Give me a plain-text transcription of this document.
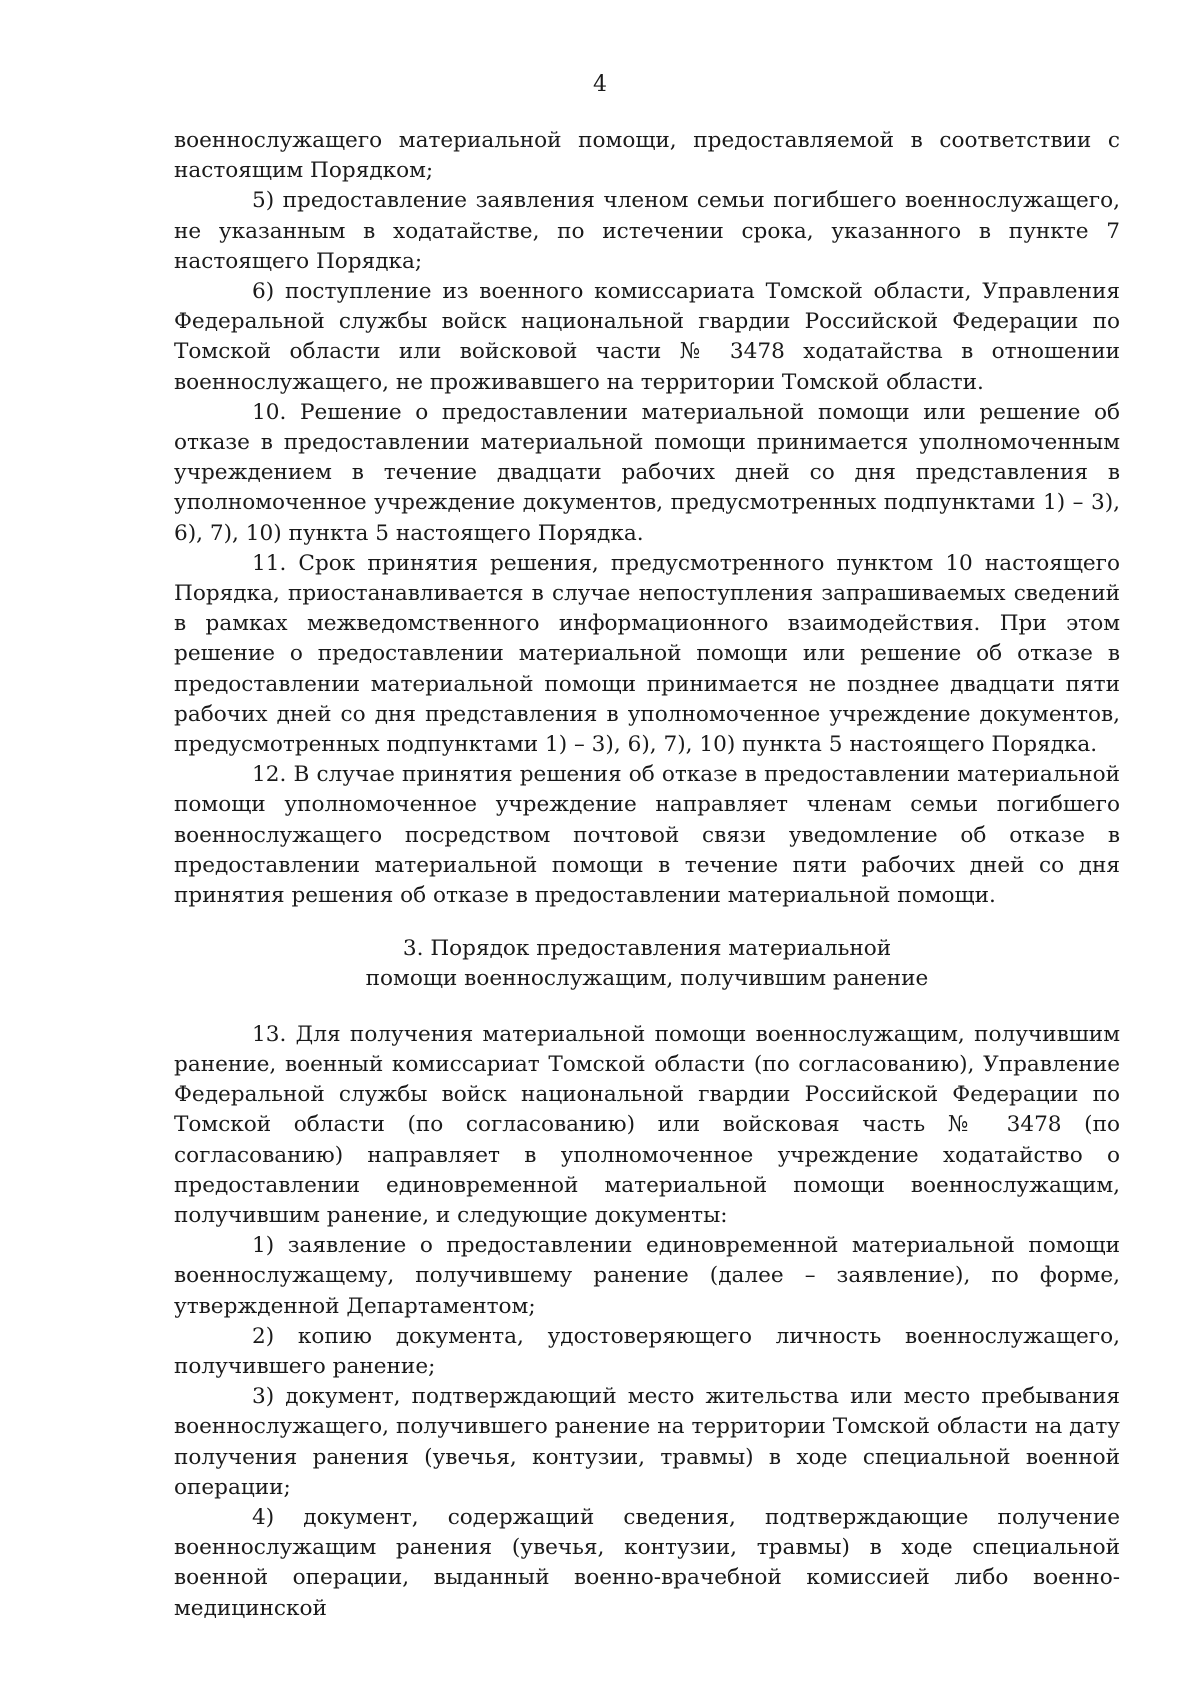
4

военнослужащего материальной помощи, предоставляемой в соответствии с настоящим Порядком;

5) предоставление заявления членом семьи погибшего военнослужащего, не указанным в ходатайстве, по истечении срока, указанного в пункте 7 настоящего Порядка;

6) поступление из военного комиссариата Томской области, Управления Федеральной службы войск национальной гвардии Российской Федерации по Томской области или войсковой части № 3478 ходатайства в отношении военнослужащего, не проживавшего на территории Томской области.

10. Решение о предоставлении материальной помощи или решение об отказе в предоставлении материальной помощи принимается уполномоченным учреждением в течение двадцати рабочих дней со дня представления в уполномоченное учреждение документов, предусмотренных подпунктами 1) – 3), 6), 7), 10) пункта 5 настоящего Порядка.

11. Срок принятия решения, предусмотренного пунктом 10 настоящего Порядка, приостанавливается в случае непоступления запрашиваемых сведений в рамках межведомственного информационного взаимодействия. При этом решение о предоставлении материальной помощи или решение об отказе в предоставлении материальной помощи принимается не позднее двадцати пяти рабочих дней со дня представления в уполномоченное учреждение документов, предусмотренных подпунктами 1) – 3), 6), 7), 10) пункта 5 настоящего Порядка.

12. В случае принятия решения об отказе в предоставлении материальной помощи уполномоченное учреждение направляет членам семьи погибшего военнослужащего посредством почтовой связи уведомление об отказе в предоставлении материальной помощи в течение пяти рабочих дней со дня принятия решения об отказе в предоставлении материальной помощи.

3. Порядок предоставления материальной
помощи военнослужащим, получившим ранение

13. Для получения материальной помощи военнослужащим, получившим ранение, военный комиссариат Томской области (по согласованию), Управление Федеральной службы войск национальной гвардии Российской Федерации по Томской области (по согласованию) или войсковая часть № 3478 (по согласованию) направляет в уполномоченное учреждение ходатайство о предоставлении единовременной материальной помощи военнослужащим, получившим ранение, и следующие документы:

1) заявление о предоставлении единовременной материальной помощи военнослужащему, получившему ранение (далее – заявление), по форме, утвержденной Департаментом;

2) копию документа, удостоверяющего личность военнослужащего, получившего ранение;

3) документ, подтверждающий место жительства или место пребывания военнослужащего, получившего ранение на территории Томской области на дату получения ранения (увечья, контузии, травмы) в ходе специальной военной операции;

4) документ, содержащий сведения, подтверждающие получение военнослужащим ранения (увечья, контузии, травмы) в ходе специальной военной операции, выданный военно-врачебной комиссией либо военно-медицинской
